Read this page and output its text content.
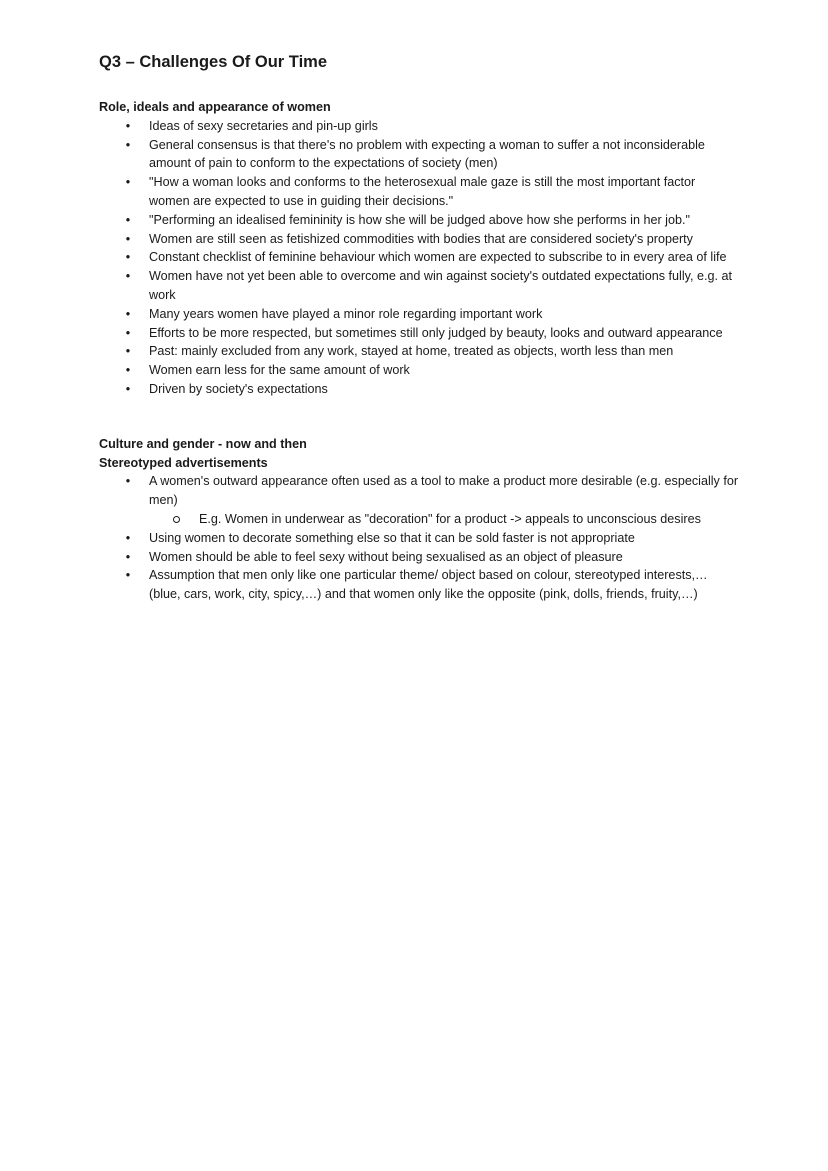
Q3 – Challenges Of Our Time

Role, ideals and appearance of women

• Ideas of sexy secretaries and pin-up girls
• General consensus is that there's no problem with expecting a woman to suffer a not inconsiderable amount of pain to conform to the expectations of society (men)
• "How a woman looks and conforms to the heterosexual male gaze is still the most important factor women are expected to use in guiding their decisions."
• "Performing an idealised femininity is how she will be judged above how she performs in her job."
• Women are still seen as fetishized commodities with bodies that are considered society's property
• Constant checklist of feminine behaviour which women are expected to subscribe to in every area of life
• Women have not yet been able to overcome and win against society's outdated expectations fully, e.g. at work
• Many years women have played a minor role regarding important work
• Efforts to be more respected, but sometimes still only judged by beauty, looks and outward appearance
• Past: mainly excluded from any work, stayed at home, treated as objects, worth less than men
• Women earn less for the same amount of work
• Driven by society's expectations

Culture and gender - now and then

Stereotyped advertisements

• A women's outward appearance often used as a tool to make a product more desirable (e.g. especially for men)
E.g. Women in underwear as "decoration" for a product -> appeals to unconscious desires
• Using women to decorate something else so that it can be sold faster is not appropriate
• Women should be able to feel sexy without being sexualised as an object of pleasure
• Assumption that men only like one particular theme/ object based on colour, stereotyped interests,… (blue, cars, work, city, spicy,…) and that women only like the opposite (pink, dolls, friends, fruity,…)
